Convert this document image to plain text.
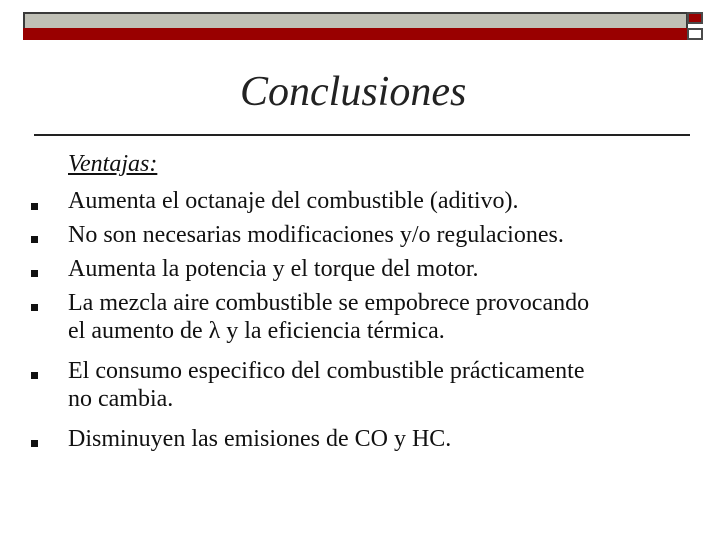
Conclusiones
Ventajas:
Aumenta el octanaje del combustible (aditivo).
No son necesarias modificaciones y/o regulaciones.
Aumenta la potencia y el torque del motor.
La mezcla aire combustible se empobrece provocando
el aumento de λ y la eficiencia térmica.
El consumo especifico del combustible prácticamente
no cambia.
Disminuyen las emisiones de CO y HC.
